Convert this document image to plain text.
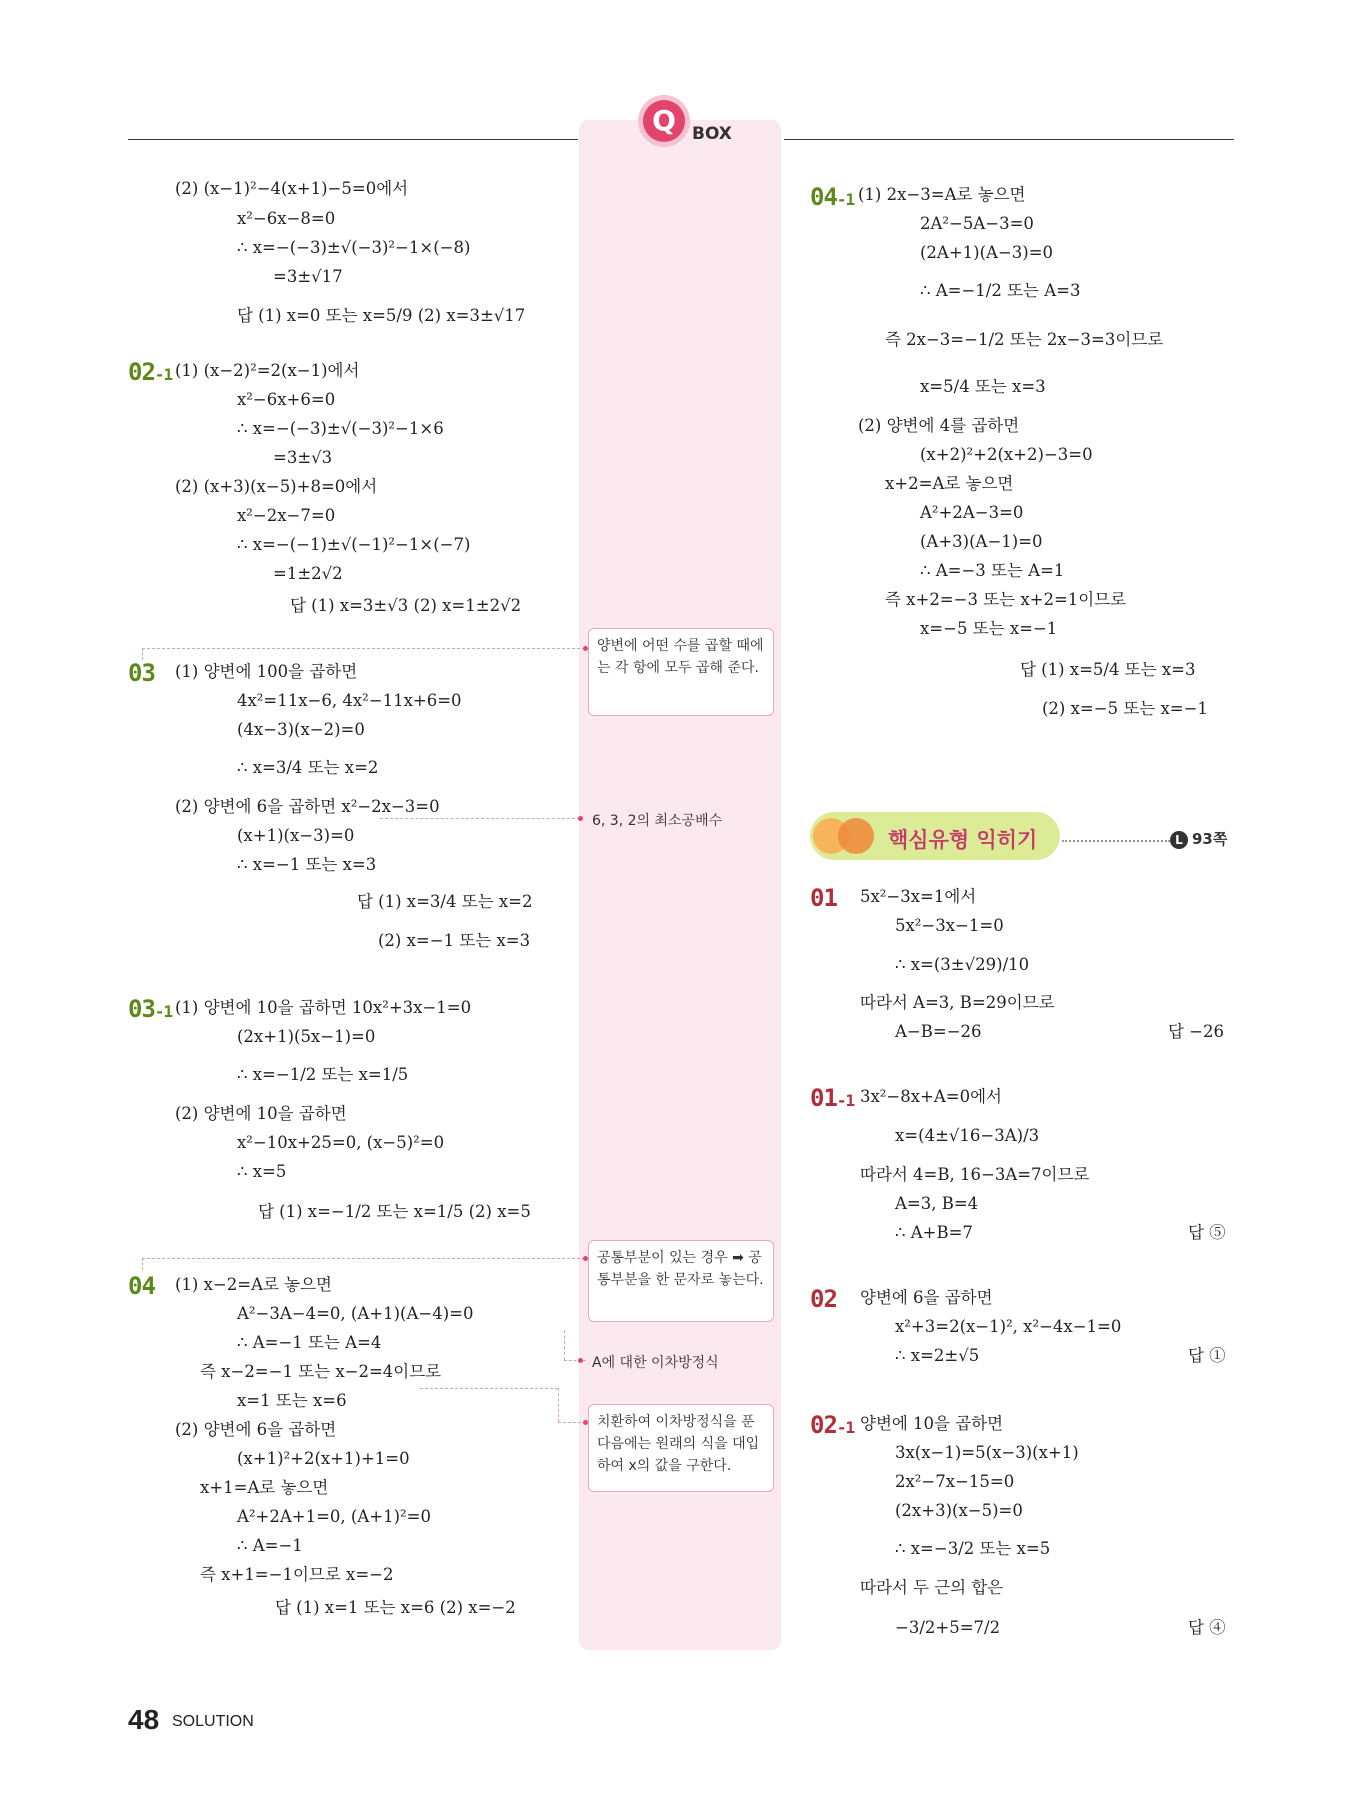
Q BOX
(2) (x−1)²−4(x+1)−5=0에서
x²−6x−8=0
∴ x=−(−3)±√(−3)²−1×(−8)
=3±√17
답 (1) x=0 또는 x=5/9 (2) x=3±√17
02-1 (1) (x−2)²=2(x−1)에서
x²−6x+6=0
∴ x=−(−3)±√(−3)²−1×6
=3±√3
(2) (x+3)(x−5)+8=0에서
x²−2x−7=0
∴ x=−(−1)±√(−1)²−1×(−7)
=1±2√2
답 (1) x=3±√3 (2) x=1±2√2
03 (1) 양변에 100을 곱하면
4x²=11x−6, 4x²−11x+6=0
(4x−3)(x−2)=0
∴ x=3/4 또는 x=2
(2) 양변에 6을 곱하면 x²−2x−3=0
(x+1)(x−3)=0
∴ x=−1 또는 x=3
답 (1) x=3/4 또는 x=2
(2) x=−1 또는 x=3
03-1 (1) 양변에 10을 곱하면 10x²+3x−1=0
(2x+1)(5x−1)=0
∴ x=−1/2 또는 x=1/5
(2) 양변에 10을 곱하면
x²−10x+25=0, (x−5)²=0
∴ x=5
답 (1) x=−1/2 또는 x=1/5 (2) x=5
04 (1) x−2=A로 놓으면
A²−3A−4=0, (A+1)(A−4)=0
∴ A=−1 또는 A=4
즉 x−2=−1 또는 x−2=4이므로
x=1 또는 x=6
(2) 양변에 6을 곱하면
(x+1)²+2(x+1)+1=0
x+1=A로 놓으면
A²+2A+1=0, (A+1)²=0
∴ A=−1
즉 x+1=−1이므로 x=−2
답 (1) x=1 또는 x=6 (2) x=−2
양변에 어떤 수를 곱할 때에는 각 항에 모두 곱해 준다.
6, 3, 2의 최소공배수
공통부분이 있는 경우 ➡ 공통부분을 한 문자로 놓는다.
A에 대한 이차방정식
치환하여 이차방정식을 푼 다음에는 원래의 식을 대입하여 x의 값을 구한다.
04-1 (1) 2x−3=A로 놓으면
2A²−5A−3=0
(2A+1)(A−3)=0
∴ A=−1/2 또는 A=3
즉 2x−3=−1/2 또는 2x−3=3이므로
x=5/4 또는 x=3
(2) 양변에 4를 곱하면
(x+2)²+2(x+2)−3=0
x+2=A로 놓으면
A²+2A−3=0
(A+3)(A−1)=0
∴ A=−3 또는 A=1
즉 x+2=−3 또는 x+2=1이므로
x=−5 또는 x=−1
답 (1) x=5/4 또는 x=3
(2) x=−5 또는 x=−1
핵심유형 익히기	L 93쪽
01 5x²−3x=1에서
5x²−3x−1=0
∴ x=(3±√29)/10
따라서 A=3, B=29이므로
A−B=−26	답 −26
01-1 3x²−8x+A=0에서
x=(4±√16−3A)/3
따라서 4=B, 16−3A=7이므로
A=3, B=4
∴ A+B=7	답 ⑤
02 양변에 6을 곱하면
x²+3=2(x−1)², x²−4x−1=0
∴ x=2±√5	답 ①
02-1 양변에 10을 곱하면
3x(x−1)=5(x−3)(x+1)
2x²−7x−15=0
(2x+3)(x−5)=0
∴ x=−3/2 또는 x=5
따라서 두 근의 합은
−3/2+5=7/2	답 ④
48 SOLUTION
